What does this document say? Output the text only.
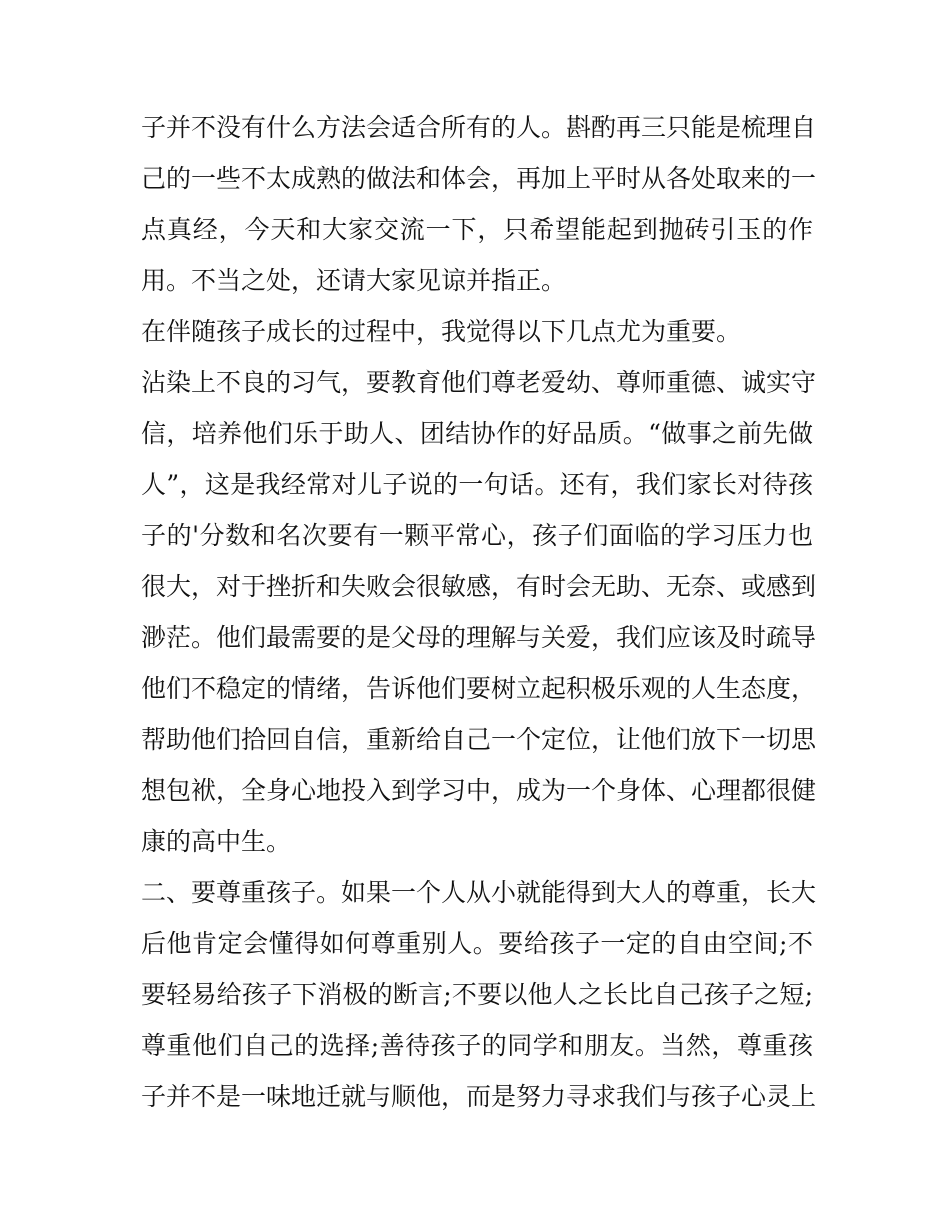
子并不没有什么方法会适合所有的人。斟酌再三只能是梳理自
己的一些不太成熟的做法和体会，再加上平时从各处取来的一
点真经，今天和大家交流一下，只希望能起到抛砖引玉的作
用。不当之处，还请大家见谅并指正。

在伴随孩子成长的过程中，我觉得以下几点尤为重要。

沾染上不良的习气，要教育他们尊老爱幼、尊师重德、诚实守
信，培养他们乐于助人、团结协作的好品质。“做事之前先做
人”，这是我经常对儿子说的一句话。还有，我们家长对待孩
子的'分数和名次要有一颗平常心，孩子们面临的学习压力也
很大，对于挫折和失败会很敏感，有时会无助、无奈、或感到
渺茫。他们最需要的是父母的理解与关爱，我们应该及时疏导
他们不稳定的情绪，告诉他们要树立起积极乐观的人生态度，
帮助他们拾回自信，重新给自己一个定位，让他们放下一切思
想包袱，全身心地投入到学习中，成为一个身体、心理都很健
康的高中生。

二、要尊重孩子。如果一个人从小就能得到大人的尊重，长大
后他肯定会懂得如何尊重别人。要给孩子一定的自由空间;不
要轻易给孩子下消极的断言;不要以他人之长比自己孩子之短;
尊重他们自己的选择;善待孩子的同学和朋友。当然，尊重孩
子并不是一味地迁就与顺他，而是努力寻求我们与孩子心灵上
